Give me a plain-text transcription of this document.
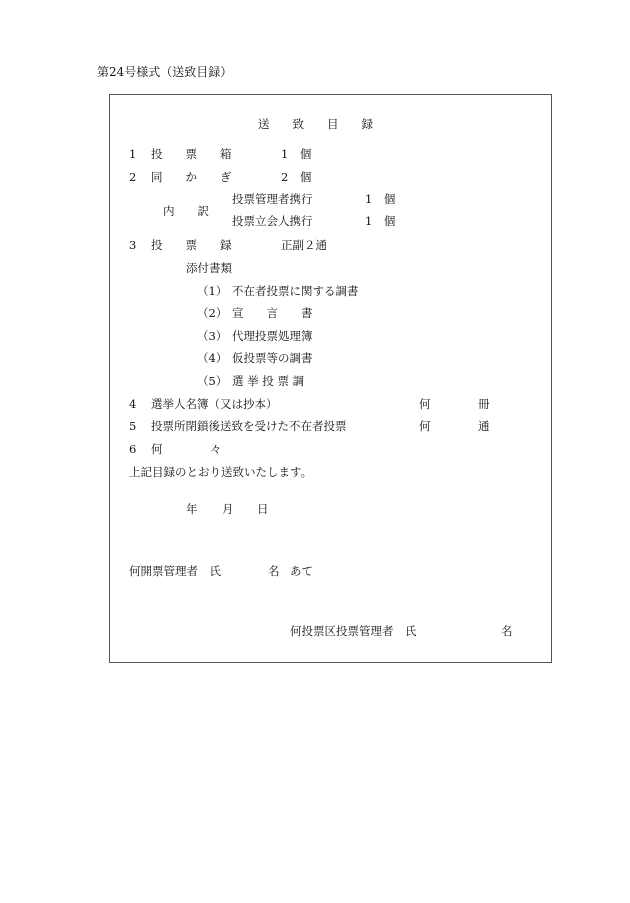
第24号様式（送致目録）
送　　致　　目　　録
1 投　　票　　箱	1　個
2 同　　か　　ぎ	2　個
内　　訳
投票管理者携行	1　個
投票立会人携行	1　個
3 投　　票　　録	正副２通
添付書類
（1） 不在者投票に関する調書
（2） 宣　　言　　書
（3） 代理投票処理簿
（4） 仮投票等の調書
（5） 選 挙 投 票 調
4 選挙人名簿（又は抄本）	何	冊
5 投票所閉鎖後送致を受けた不在者投票	何	通
6 何	々
上記目録のとおり送致いたします。
年 月 日
何開票管理者　氏	名 あて
何投票区投票管理者　氏	名
